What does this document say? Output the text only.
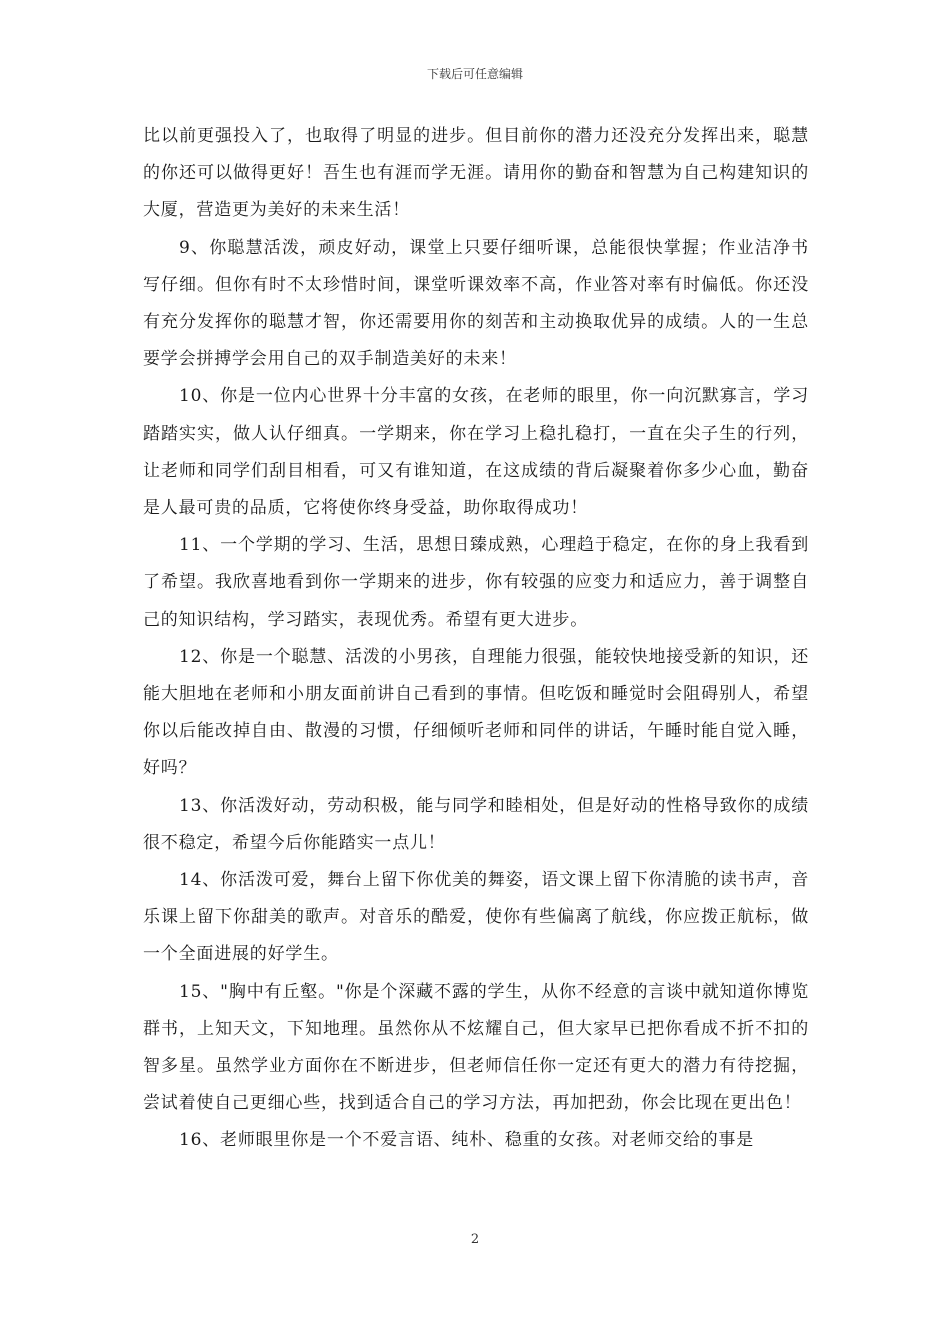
下载后可任意编辑

比以前更强投入了，也取得了明显的进步。但目前你的潜力还没充分发挥出来，聪慧的你还可以做得更好！吾生也有涯而学无涯。请用你的勤奋和智慧为自己构建知识的大厦，营造更为美好的未来生活！

9、你聪慧活泼，顽皮好动，课堂上只要仔细听课，总能很快掌握；作业洁净书写仔细。但你有时不太珍惜时间，课堂听课效率不高，作业答对率有时偏低。你还没有充分发挥你的聪慧才智，你还需要用你的刻苦和主动换取优异的成绩。人的一生总要学会拼搏学会用自己的双手制造美好的未来！

10、你是一位内心世界十分丰富的女孩，在老师的眼里，你一向沉默寡言，学习踏踏实实，做人认仔细真。一学期来，你在学习上稳扎稳打，一直在尖子生的行列，让老师和同学们刮目相看，可又有谁知道，在这成绩的背后凝聚着你多少心血，勤奋是人最可贵的品质，它将使你终身受益，助你取得成功！

11、一个学期的学习、生活，思想日臻成熟，心理趋于稳定，在你的身上我看到了希望。我欣喜地看到你一学期来的进步，你有较强的应变力和适应力，善于调整自己的知识结构，学习踏实，表现优秀。希望有更大进步。

12、你是一个聪慧、活泼的小男孩，自理能力很强，能较快地接受新的知识，还能大胆地在老师和小朋友面前讲自己看到的事情。但吃饭和睡觉时会阻碍别人，希望你以后能改掉自由、散漫的习惯，仔细倾听老师和同伴的讲话，午睡时能自觉入睡，好吗？

13、你活泼好动，劳动积极，能与同学和睦相处，但是好动的性格导致你的成绩很不稳定，希望今后你能踏实一点儿！

14、你活泼可爱，舞台上留下你优美的舞姿，语文课上留下你清脆的读书声，音乐课上留下你甜美的歌声。对音乐的酷爱，使你有些偏离了航线，你应拨正航标，做一个全面进展的好学生。

15、"胸中有丘壑。"你是个深藏不露的学生，从你不经意的言谈中就知道你博览群书，上知天文，下知地理。虽然你从不炫耀自己，但大家早已把你看成不折不扣的智多星。虽然学业方面你在不断进步，但老师信任你一定还有更大的潜力有待挖掘，尝试着使自己更细心些，找到适合自己的学习方法，再加把劲，你会比现在更出色！

16、老师眼里你是一个不爱言语、纯朴、稳重的女孩。对老师交给的事是

2
